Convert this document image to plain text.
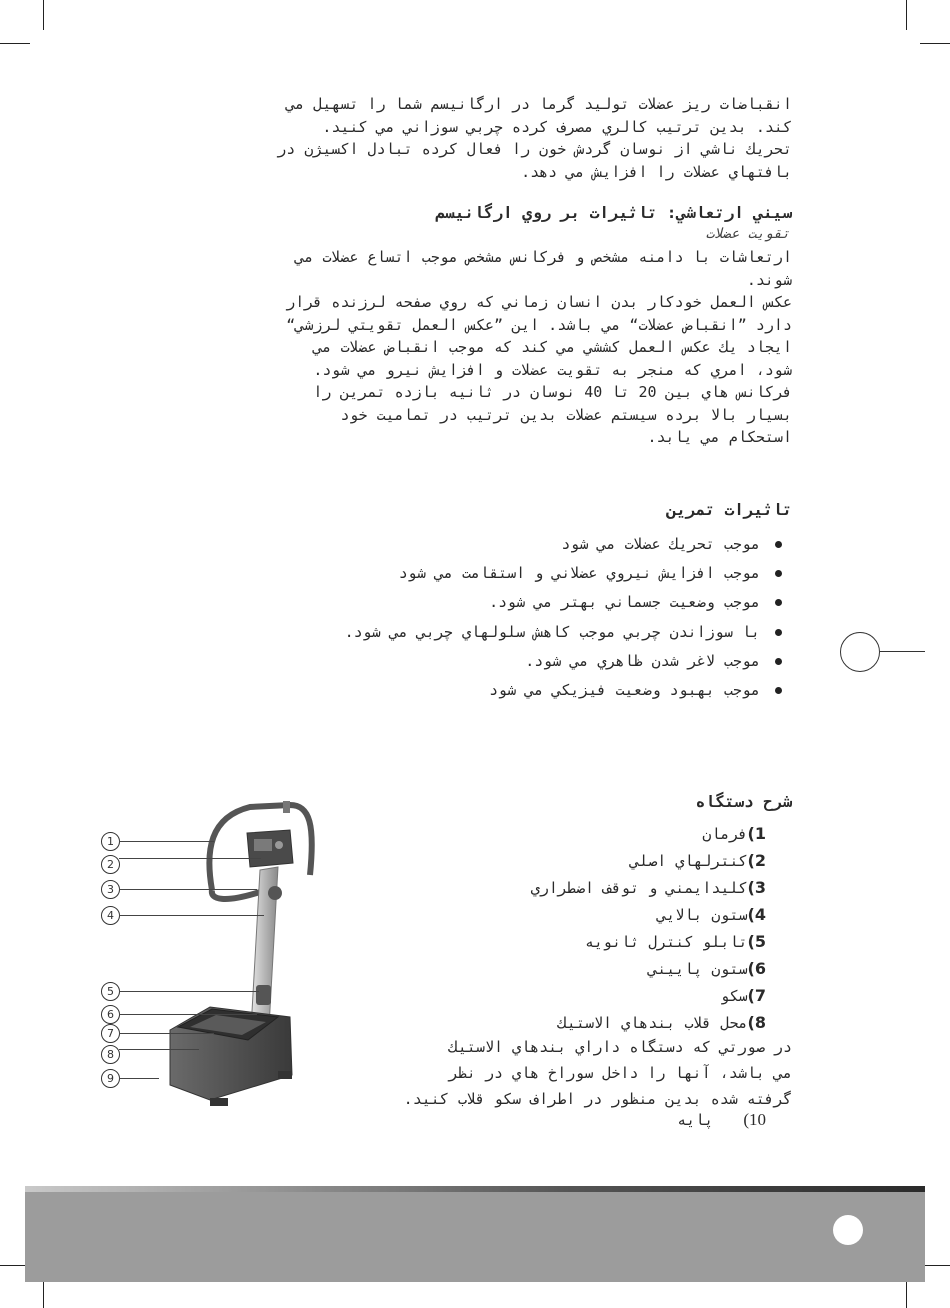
انقباضات ريز عضلات توليد گرما در ارگانيسم شما را تسهيل مي
كند. بدين ترتيب كالري مصرف كرده چربي سوزاني مي كنيد.
تحريك ناشي از نوسان گردش خون را فعال كرده تبادل اكسيژن در
بافتهاي عضلات را افزايش مي دهد.
سيني ارتعاشي: تاثيرات بر روي ارگانيسم
تقويت عضلات
ارتعاشات با دامنه مشخص و فركانس مشخص موجب اتساع عضلات مي
شوند.
عكس العمل خودكار بدن انسان زماني كه روي صفحه لرزنده قرار
دارد ”انقباض عضلات“ مي باشد. اين ”عكس العمل تقويتي لرزشي“
ايجاد يك عكس العمل كششي مي كند كه موجب انقباض عضلات مي
شود، امري كه منجر به تقويت عضلات و افزايش نيرو مي شود.
فركانس هاي بين 20 تا 40 نوسان در ثانيه بازده تمرين را
بسيار بالا برده سيستم عضلات بدين ترتيب در تماميت خود
استحكام مي يابد.
تاثيرات تمرين
موجب تحريك عضلات مي شود
موجب افزايش نيروي عضلاني و استقامت مي شود
موجب وضعيت جسماني بهتر مي شود.
با سوزاندن چربي موجب كاهش سلولهاي چربي مي شود.
موجب لاغر شدن ظاهري مي شود.
موجب بهبود وضعيت فيزيكي مي شود
شرح دستگاه
1)فرمان
2)كنترلهاي اصلي
3)كليدايمني و توقف اضطراري
4)ستون بالايي
5)تابلو كنترل ثانويه
6)ستون پاييني
7)سكو
8)محل قلاب بندهاي الاستيك
در صورتي كه دستگاه داراي بندهاي الاستيك
مي باشد، آنها را داخل سوراخ هاي در نظر
گرفته شده بدين منظور در اطراف سكو قلاب كنيد.
10)پايه
1
2
3
4
5
6
7
8
9
